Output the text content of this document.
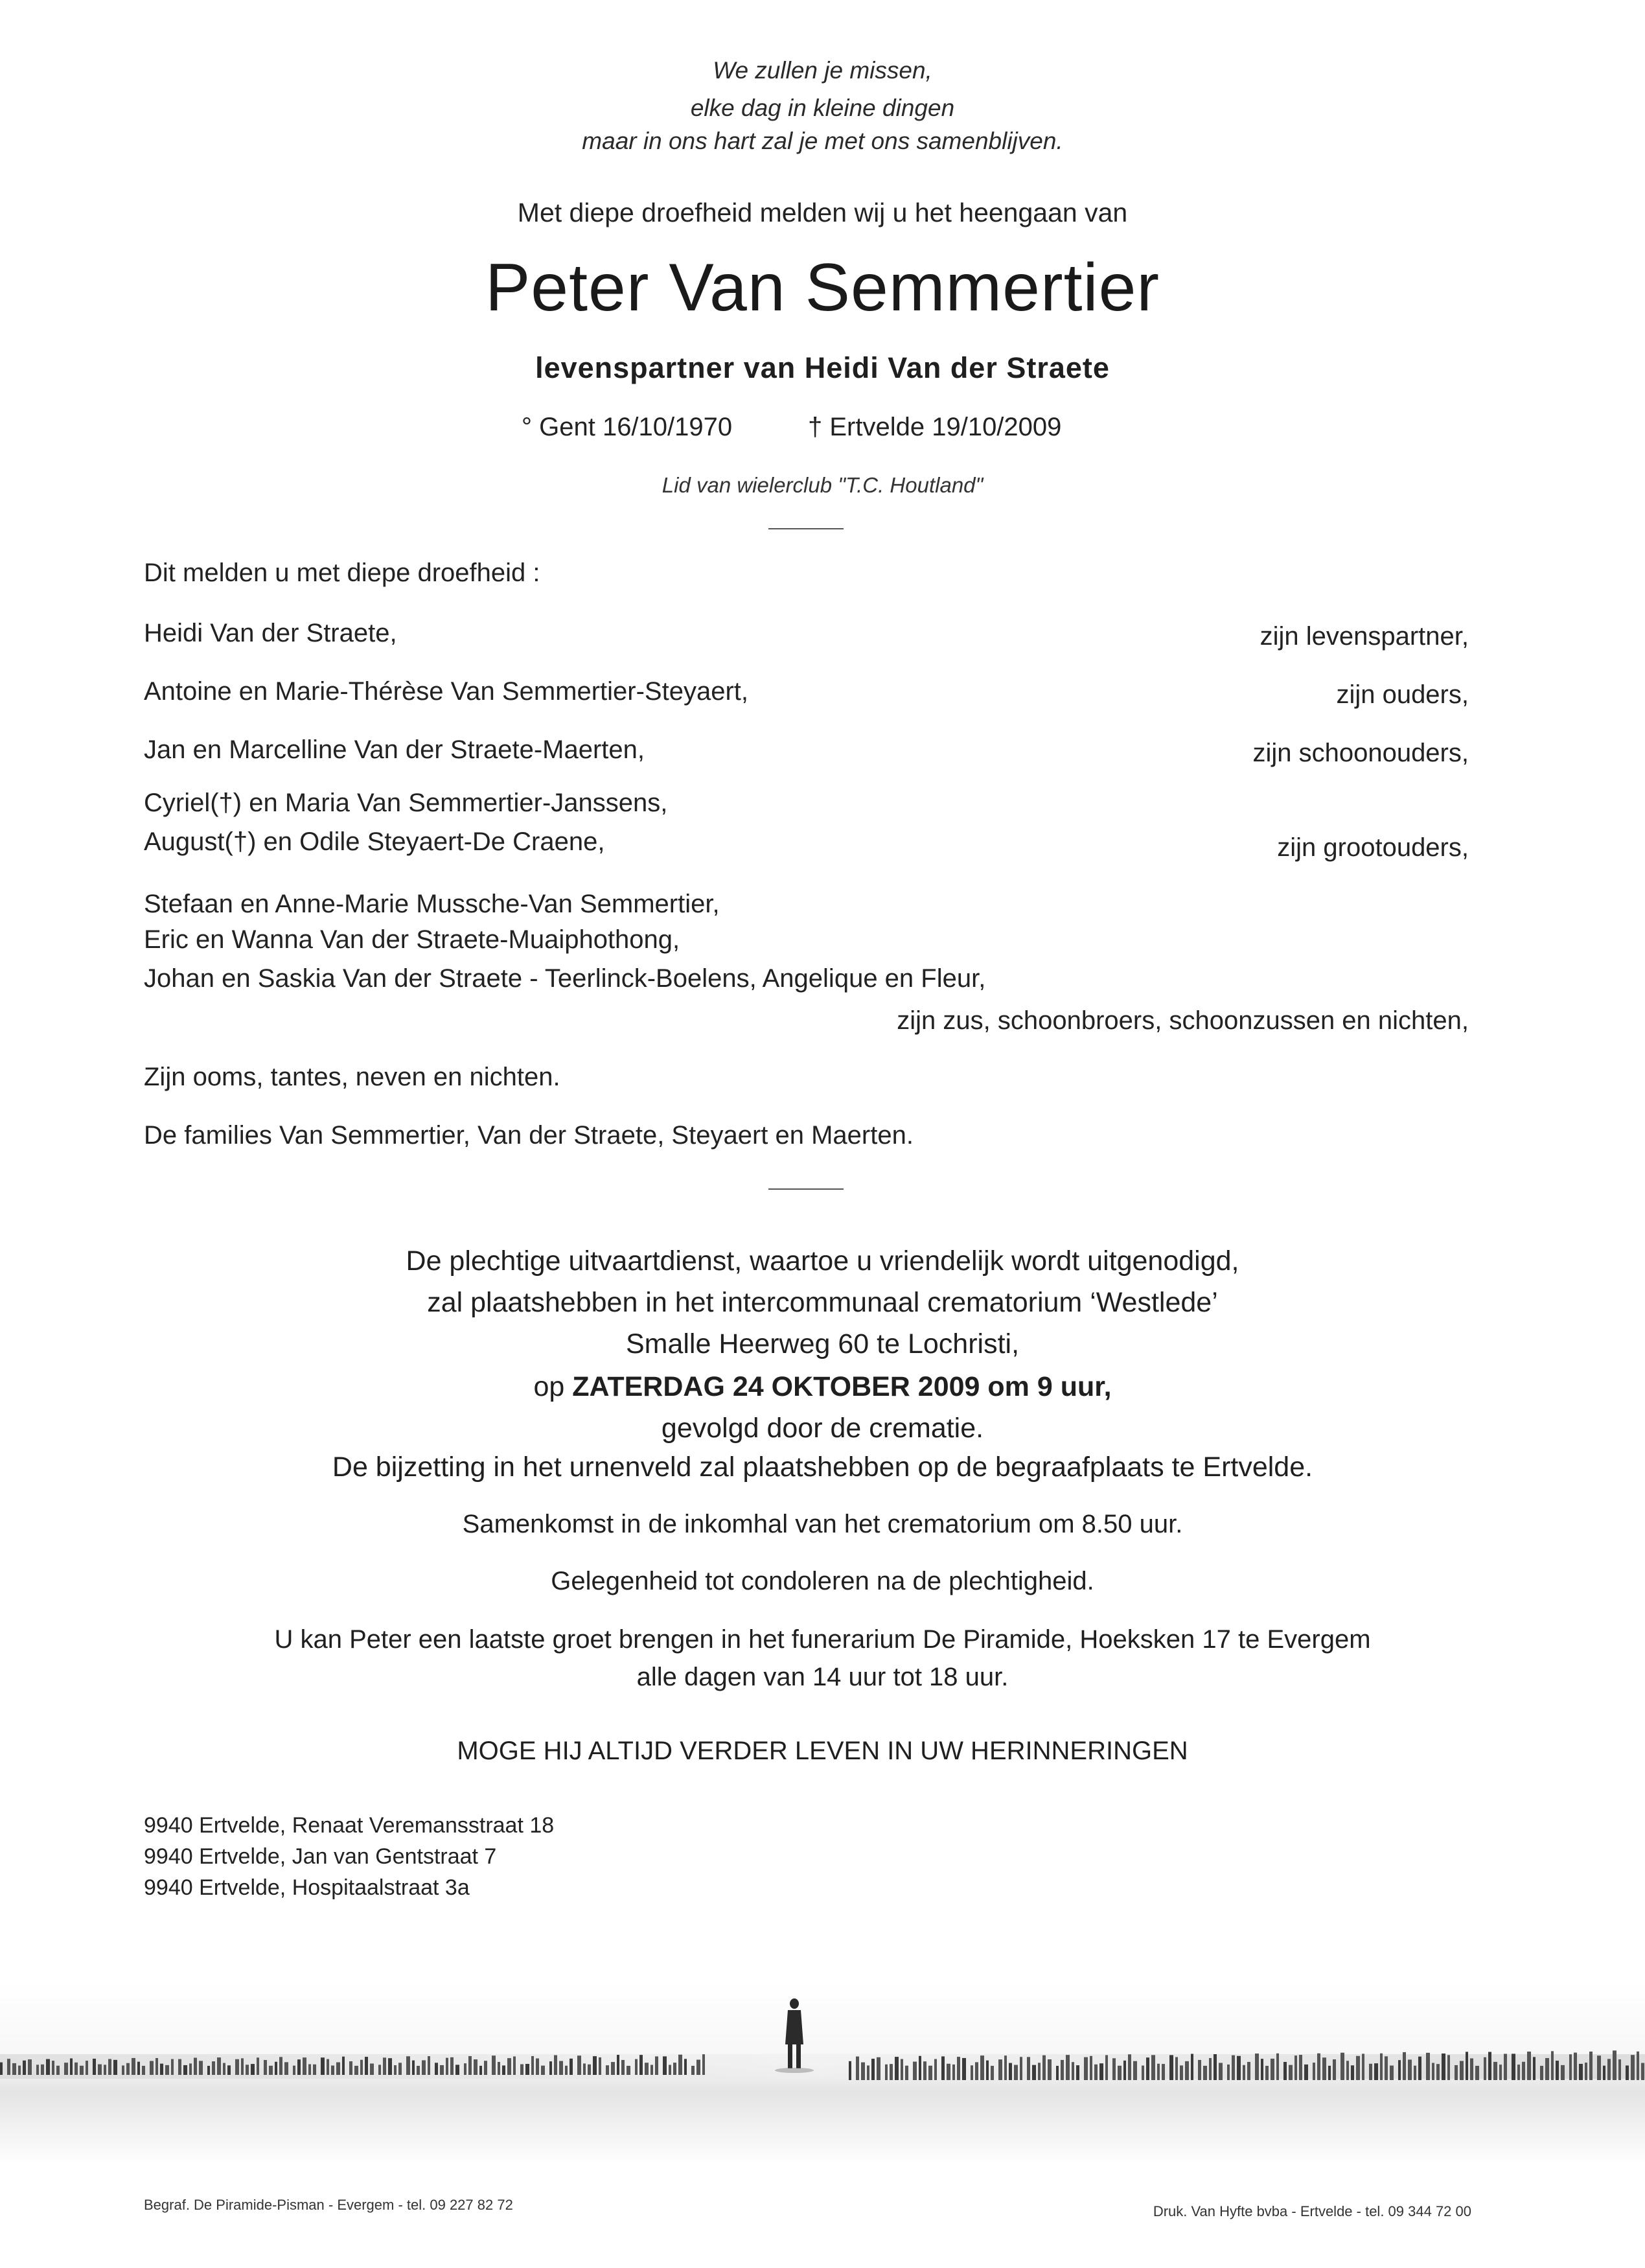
We zullen je missen,
elke dag in kleine dingen
maar in ons hart zal je met ons samenblijven.
Met diepe droefheid melden wij u het heengaan van
Peter Van Semmertier
levenspartner van Heidi Van der Straete
° Gent 16/10/1970	† Ertvelde 19/10/2009
Lid van wielerclub "T.C. Houtland"
Dit melden u met diepe droefheid :
Heidi Van der Straete,	zijn levenspartner,
Antoine en Marie-Thérèse Van Semmertier-Steyaert,	zijn ouders,
Jan en Marcelline Van der Straete-Maerten,	zijn schoonouders,
Cyriel(†) en Maria Van Semmertier-Janssens,
August(†) en Odile Steyaert-De Craene,	zijn grootouders,
Stefaan en Anne-Marie Mussche-Van Semmertier,
Eric en Wanna Van der Straete-Muaiphothong,
Johan en Saskia Van der Straete - Teerlinck-Boelens, Angelique en Fleur,
zijn zus, schoonbroers, schoonzussen en nichten,
Zijn ooms, tantes, neven en nichten.
De families Van Semmertier, Van der Straete, Steyaert en Maerten.
De plechtige uitvaartdienst, waartoe u vriendelijk wordt uitgenodigd,
zal plaatshebben in het intercommunaal crematorium ‘Westlede’
Smalle Heerweg 60 te Lochristi,
op ZATERDAG 24 OKTOBER 2009 om 9 uur,
gevolgd door de crematie.
De bijzetting in het urnenveld zal plaatshebben op de begraafplaats te Ertvelde.
Samenkomst in de inkomhal van het crematorium om 8.50 uur.
Gelegenheid tot condoleren na de plechtigheid.
U kan Peter een laatste groet brengen in het funerarium De Piramide, Hoeksken 17 te Evergem
alle dagen van 14 uur tot 18 uur.
MOGE HIJ ALTIJD VERDER LEVEN IN UW HERINNERINGEN
9940 Ertvelde, Renaat Veremansstraat 18
9940 Ertvelde, Jan van Gentstraat 7
9940 Ertvelde, Hospitaalstraat 3a
Begraf. De Piramide-Pisman - Evergem - tel. 09 227 82 72	Druk. Van Hyfte bvba - Ertvelde - tel. 09 344 72 00
